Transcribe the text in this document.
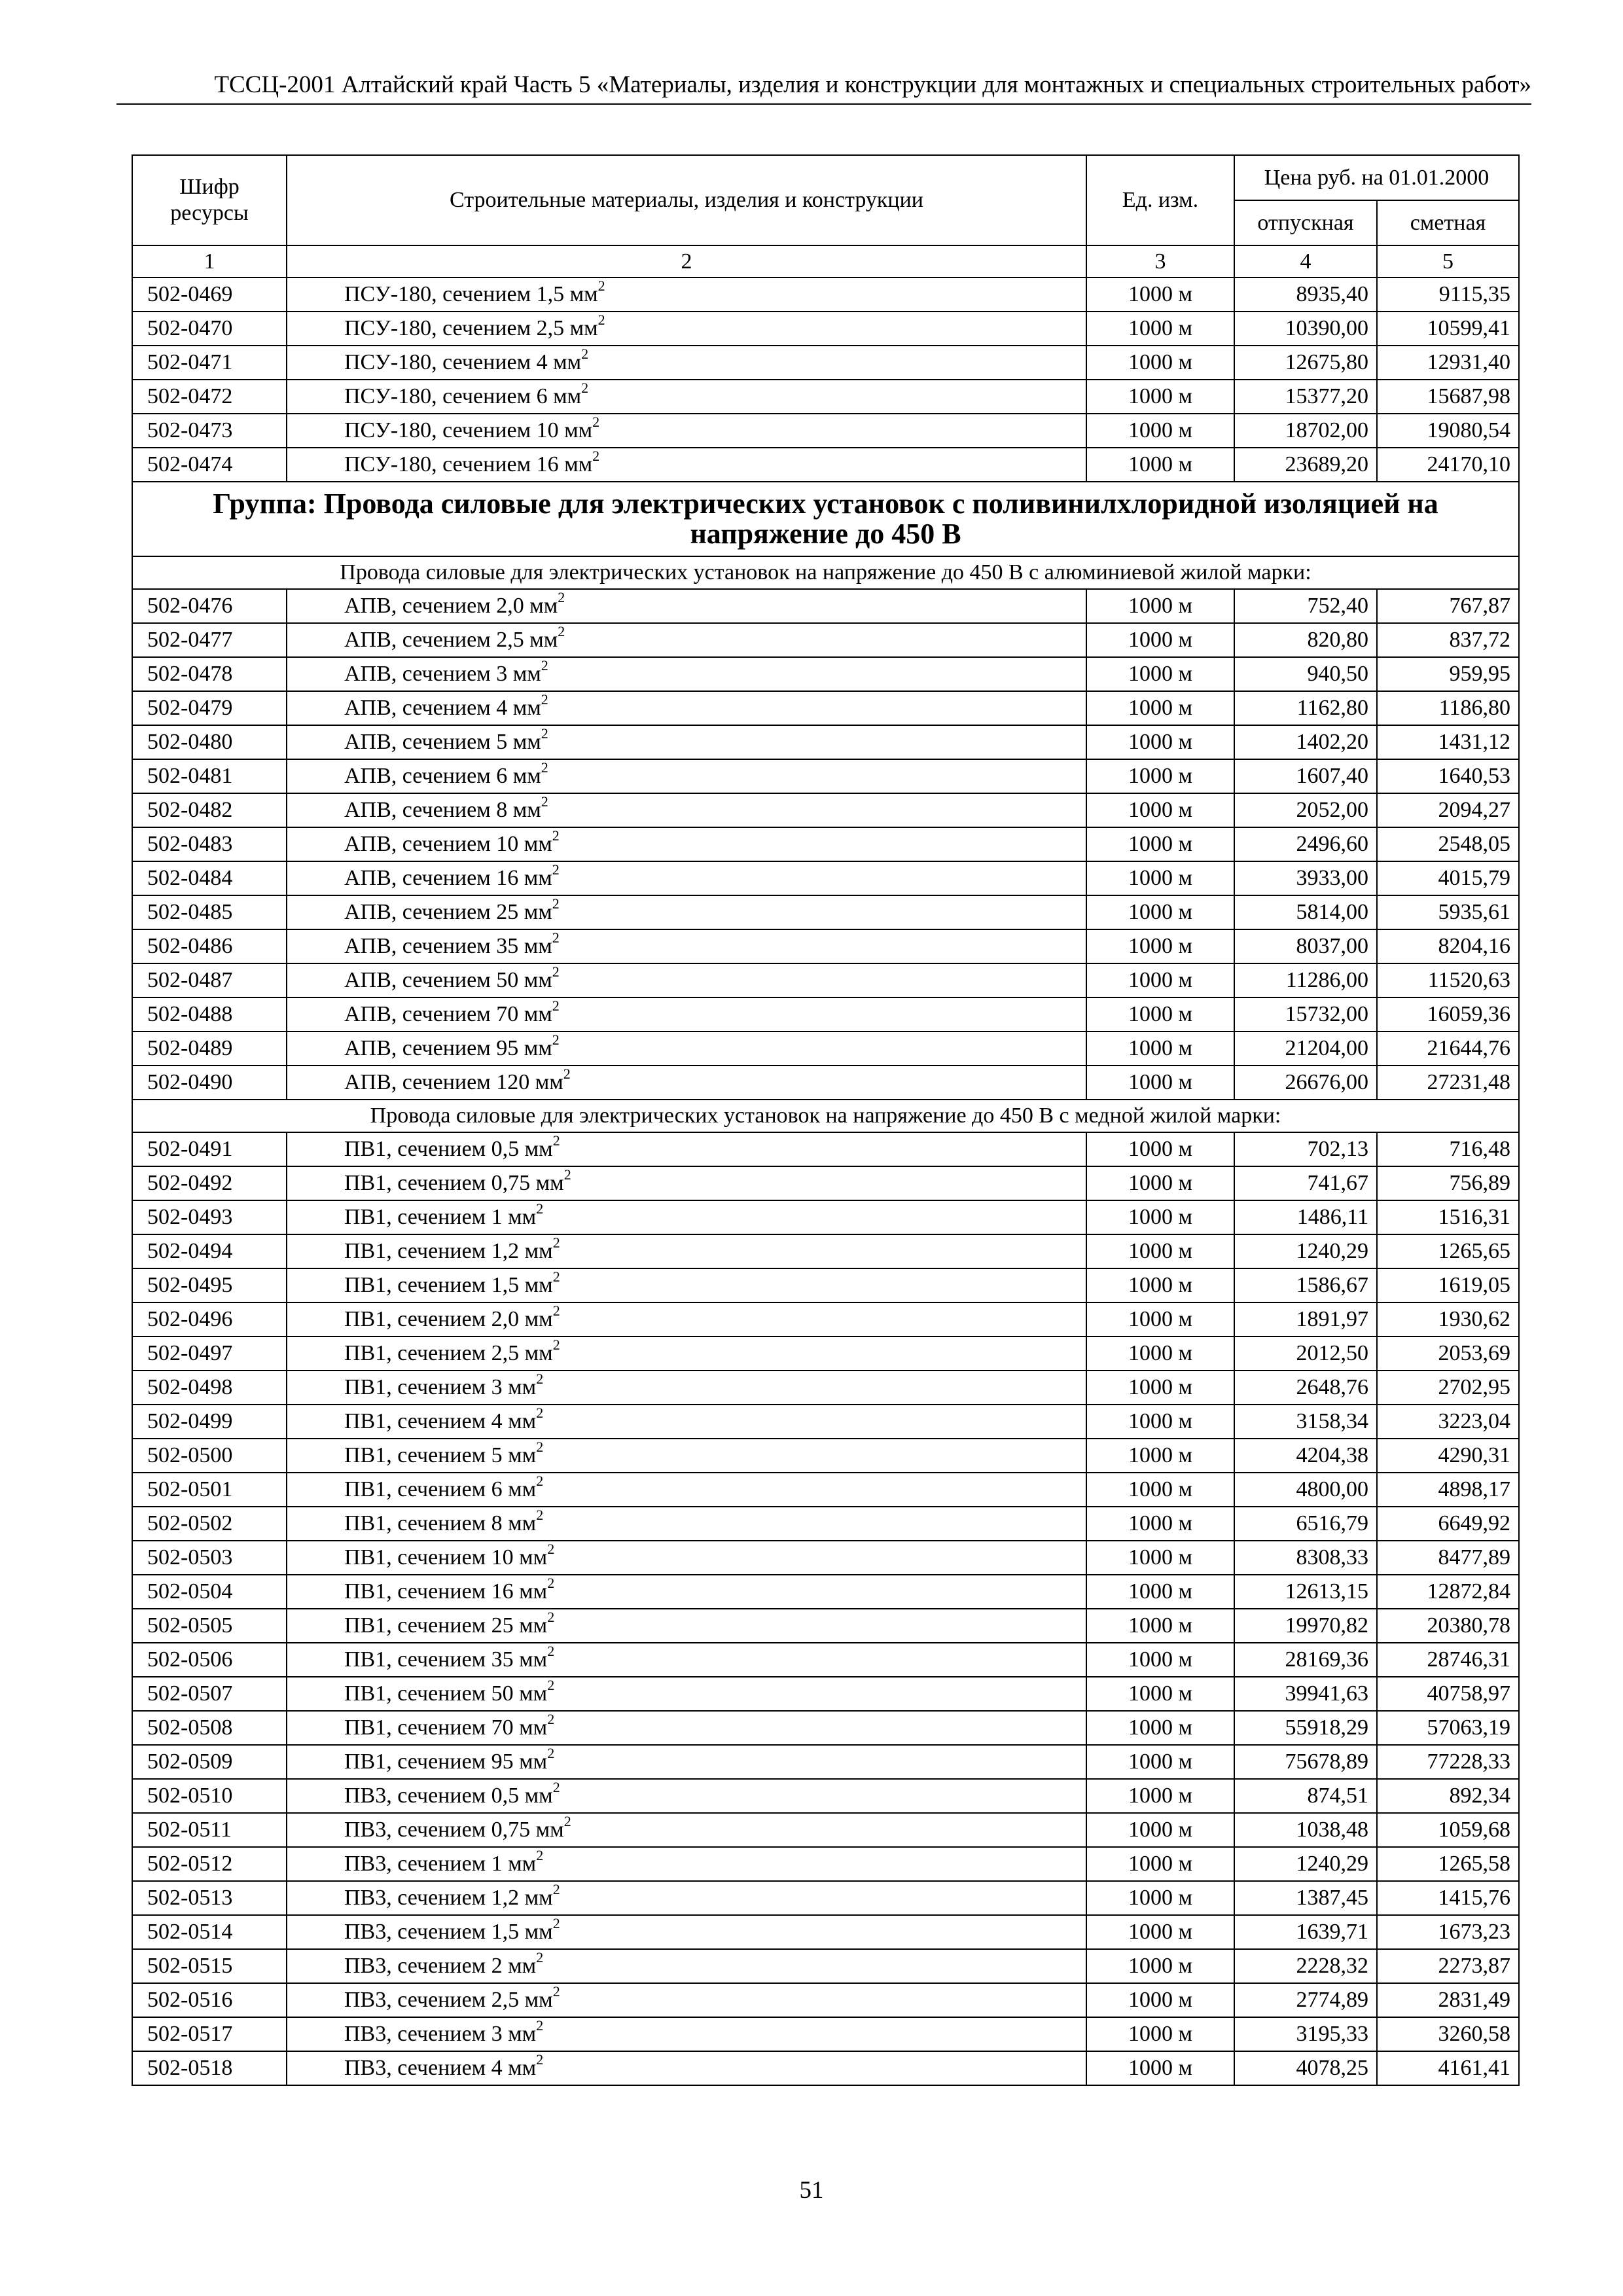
ТССЦ-2001 Алтайский край Часть 5 «Материалы, изделия и конструкции для монтажных и специальных строительных работ»
Шифр ресурсы	Строительные материалы, изделия и конструкции	Ед. изм.	Цена руб. на 01.01.2000	
			отпускная	сметная
1	2	3	4	5
502-0469	ПСУ-180, сечением 1,5 $мм^2$	1000 м	8935,40	9115,35
502-0470	ПСУ-180, сечением 2,5 $мм^2$	1000 м	10390,00	10599,41
502-0471	ПСУ-180, сечением 4 $мм^2$	1000 м	12675,80	12931,40
502-0472	ПСУ-180, сечением 6 $мм^2$	1000 м	15377,20	15687,98
502-0473	ПСУ-180, сечением 10 $мм^2$	1000 м	18702,00	19080,54
502-0474	ПСУ-180, сечением 16 $мм^2$	1000 м	23689,20	24170,10
Группа: Провода силовые для электрических установок с поливинилхлоридной изоляцией на напряжение до 450 В				
Провода силовые для электрических установок на напряжение до 450 В с алюминиевой жилой марки:				
502-0476	АПВ, сечением 2,0 $мм^2$	1000 м	752,40	767,87
502-0477	АПВ, сечением 2,5 $мм^2$	1000 м	820,80	837,72
502-0478	АПВ, сечением 3 $мм^2$	1000 м	940,50	959,95
502-0479	АПВ, сечением 4 $мм^2$	1000 м	1162,80	1186,80
502-0480	АПВ, сечением 5 $мм^2$	1000 м	1402,20	1431,12
502-0481	АПВ, сечением 6 $мм^2$	1000 м	1607,40	1640,53
502-0482	АПВ, сечением 8 $мм^2$	1000 м	2052,00	2094,27
502-0483	АПВ, сечением 10 $мм^2$	1000 м	2496,60	2548,05
502-0484	АПВ, сечением 16 $мм^2$	1000 м	3933,00	4015,79
502-0485	АПВ, сечением 25 $мм^2$	1000 м	5814,00	5935,61
502-0486	АПВ, сечением 35 $мм^2$	1000 м	8037,00	8204,16
502-0487	АПВ, сечением 50 $мм^2$	1000 м	11286,00	11520,63
502-0488	АПВ, сечением 70 $мм^2$	1000 м	15732,00	16059,36
502-0489	АПВ, сечением 95 $мм^2$	1000 м	21204,00	21644,76
502-0490	АПВ, сечением 120 $мм^2$	1000 м	26676,00	27231,48
Провода силовые для электрических установок на напряжение до 450 В с медной жилой марки:				
502-0491	ПВ1, сечением 0,5 $мм^2$	1000 м	702,13	716,48
502-0492	ПВ1, сечением 0,75 $мм^2$	1000 м	741,67	756,89
502-0493	ПВ1, сечением 1 $мм^2$	1000 м	1486,11	1516,31
502-0494	ПВ1, сечением 1,2 $мм^2$	1000 м	1240,29	1265,65
502-0495	ПВ1, сечением 1,5 $мм^2$	1000 м	1586,67	1619,05
502-0496	ПВ1, сечением 2,0 $мм^2$	1000 м	1891,97	1930,62
502-0497	ПВ1, сечением 2,5 $мм^2$	1000 м	2012,50	2053,69
502-0498	ПВ1, сечением 3 $мм^2$	1000 м	2648,76	2702,95
502-0499	ПВ1, сечением 4 $мм^2$	1000 м	3158,34	3223,04
502-0500	ПВ1, сечением 5 $мм^2$	1000 м	4204,38	4290,31
502-0501	ПВ1, сечением 6 $мм^2$	1000 м	4800,00	4898,17
502-0502	ПВ1, сечением 8 $мм^2$	1000 м	6516,79	6649,92
502-0503	ПВ1, сечением 10 $мм^2$	1000 м	8308,33	8477,89
502-0504	ПВ1, сечением 16 $мм^2$	1000 м	12613,15	12872,84
502-0505	ПВ1, сечением 25 $мм^2$	1000 м	19970,82	20380,78
502-0506	ПВ1, сечением 35 $мм^2$	1000 м	28169,36	28746,31
502-0507	ПВ1, сечением 50 $мм^2$	1000 м	39941,63	40758,97
502-0508	ПВ1, сечением 70 $мм^2$	1000 м	55918,29	57063,19
502-0509	ПВ1, сечением 95 $мм^2$	1000 м	75678,89	77228,33
502-0510	ПВ3, сечением 0,5 $мм^2$	1000 м	874,51	892,34
502-0511	ПВ3, сечением 0,75 $мм^2$	1000 м	1038,48	1059,68
502-0512	ПВ3, сечением 1 $мм^2$	1000 м	1240,29	1265,58
502-0513	ПВ3, сечением 1,2 $мм^2$	1000 м	1387,45	1415,76
502-0514	ПВ3, сечением 1,5 $мм^2$	1000 м	1639,71	1673,23
502-0515	ПВ3, сечением 2 $мм^2$	1000 м	2228,32	2273,87
502-0516	ПВ3, сечением 2,5 $мм^2$	1000 м	2774,89	2831,49
502-0517	ПВ3, сечением 3 $мм^2$	1000 м	3195,33	3260,58
502-0518	ПВ3, сечением 4 $мм^2$	1000 м	4078,25	4161,41
51
